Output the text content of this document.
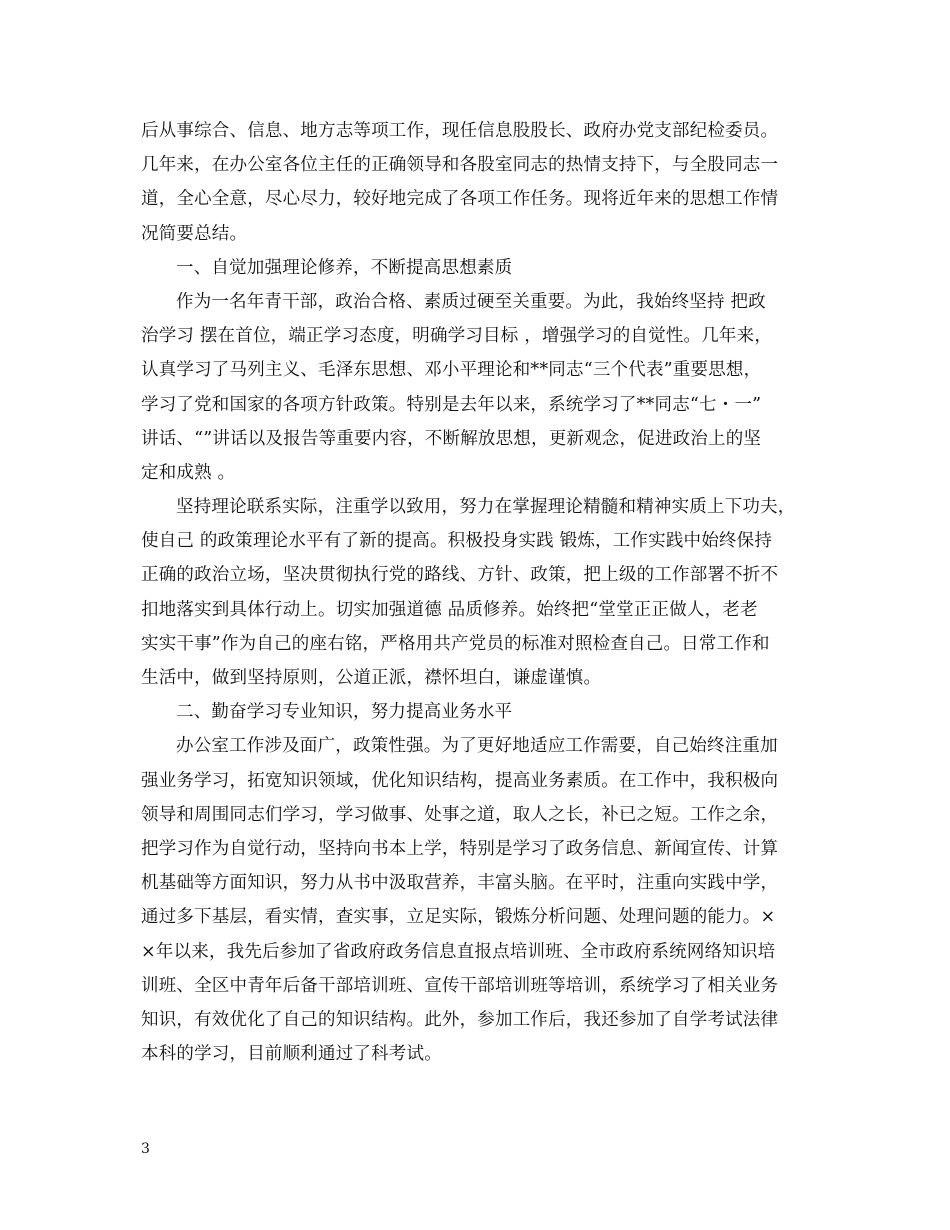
后从事综合、信息、地方志等项工作，现任信息股股长、政府办党支部纪检委员。
几年来，在办公室各位主任的正确领导和各股室同志的热情支持下，与全股同志一
道，全心全意，尽心尽力，较好地完成了各项工作任务。现将近年来的思想工作情
况简要总结。
一、自觉加强理论修养，不断提高思想素质
作为一名年青干部，政治合格、素质过硬至关重要。为此，我始终坚持 把政
治学习 摆在首位，端正学习态度，明确学习目标 ，增强学习的自觉性。几年来，
认真学习了马列主义、毛泽东思想、邓小平理论和**同志“三个代表”重要思想，
学习了党和国家的各项方针政策。特别是去年以来，系统学习了**同志“七・一”
讲话、“”讲话以及报告等重要内容，不断解放思想，更新观念，促进政治上的坚
定和成熟 。
坚持理论联系实际，注重学以致用，努力在掌握理论精髓和精神实质上下功夫，
使自己 的政策理论水平有了新的提高。积极投身实践 锻炼，工作实践中始终保持
正确的政治立场，坚决贯彻执行党的路线、方针、政策，把上级的工作部署不折不
扣地落实到具体行动上。切实加强道德 品质修养。始终把“堂堂正正做人，老老
实实干事”作为自己的座右铭，严格用共产党员的标准对照检查自己。日常工作和
生活中，做到坚持原则，公道正派，襟怀坦白，谦虚谨慎。
二、勤奋学习专业知识，努力提高业务水平
办公室工作涉及面广，政策性强。为了更好地适应工作需要，自己始终注重加
强业务学习，拓宽知识领域，优化知识结构，提高业务素质。在工作中，我积极向
领导和周围同志们学习，学习做事、处事之道，取人之长，补已之短。工作之余，
把学习作为自觉行动，坚持向书本上学，特别是学习了政务信息、新闻宣传、计算
机基础等方面知识，努力从书中汲取营养，丰富头脑。在平时，注重向实践中学，
通过多下基层，看实情，查实事，立足实际，锻炼分析问题、处理问题的能力。×
×年以来，我先后参加了省政府政务信息直报点培训班、全市政府系统网络知识培
训班、全区中青年后备干部培训班、宣传干部培训班等培训，系统学习了相关业务
知识，有效优化了自己的知识结构。此外，参加工作后，我还参加了自学考试法律
本科的学习，目前顺利通过了科考试。
3
